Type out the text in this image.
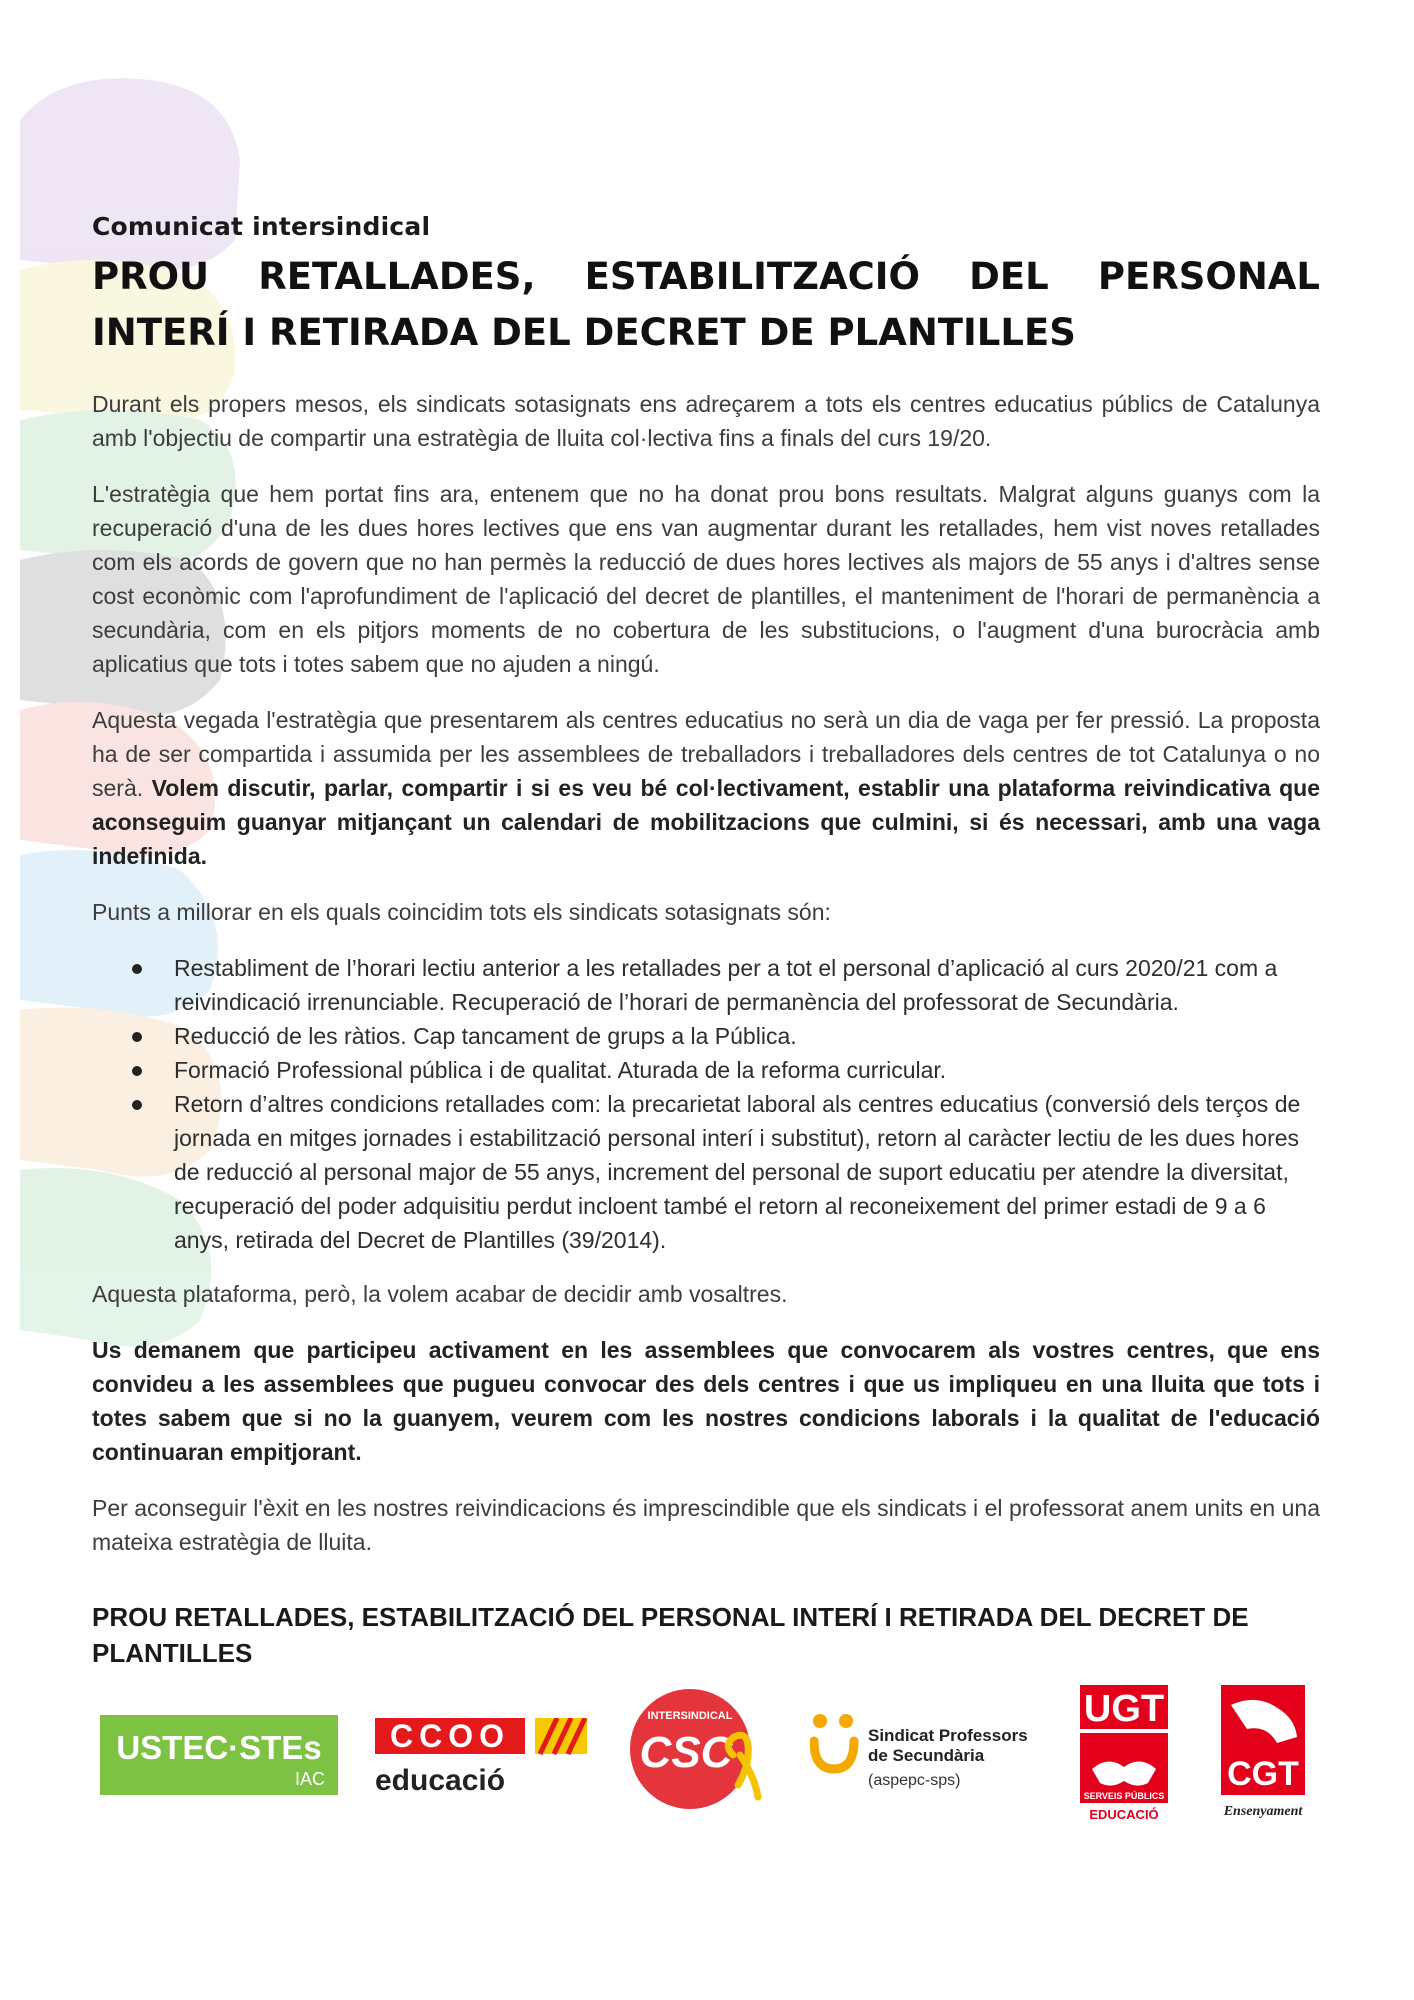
Comunicat intersindical
PROU RETALLADES, ESTABILITZACIÓ DEL PERSONAL INTERÍ I RETIRADA DEL DECRET DE PLANTILLES

Durant els propers mesos, els sindicats sotasignats ens adreçarem a tots els centres educatius públics de Catalunya amb l'objectiu de compartir una estratègia de lluita col·lectiva fins a finals del curs 19/20.

L'estratègia que hem portat fins ara, entenem que no ha donat prou bons resultats. Malgrat alguns guanys com la recuperació d'una de les dues hores lectives que ens van augmentar durant les retallades, hem vist noves retallades com els acords de govern que no han permès la reducció de dues hores lectives als majors de 55 anys i d'altres sense cost econòmic com l'aprofundiment de l'aplicació del decret de plantilles, el manteniment de l'horari de permanència a secundària, com en els pitjors moments de no cobertura de les substitucions, o l'augment d'una burocràcia amb aplicatius que tots i totes sabem que no ajuden a ningú.

Aquesta vegada l'estratègia que presentarem als centres educatius no serà un dia de vaga per fer pressió. La proposta ha de ser compartida i assumida per les assemblees de treballadors i treballadores dels centres de tot Catalunya o no serà. Volem discutir, parlar, compartir i si es veu bé col·lectivament, establir una plataforma reivindicativa que aconseguim guanyar mitjançant un calendari de mobilitzacions que culmini, si és necessari, amb una vaga indefinida.

Punts a millorar en els quals coincidim tots els sindicats sotasignats són:

Restabliment de l’horari lectiu anterior a les retallades per a tot el personal d’aplicació al curs 2020/21 com a reivindicació irrenunciable. Recuperació de l’horari de permanència del professorat de Secundària.
Reducció de les ràtios. Cap tancament de grups a la Pública.
Formació Professional pública i de qualitat. Aturada de la reforma curricular.
Retorn d’altres condicions retallades com: la precarietat laboral als centres educatius (conversió dels terços de jornada en mitges jornades i estabilització personal interí i substitut), retorn al caràcter lectiu de les dues hores de reducció al personal major de 55 anys, increment del personal de suport educatiu per atendre la diversitat, recuperació del poder adquisitiu perdut incloent també el retorn al reconeixement del primer estadi de 9 a 6 anys, retirada del Decret de Plantilles (39/2014).

Aquesta plataforma, però, la volem acabar de decidir amb vosaltres.

Us demanem que participeu activament en les assemblees que convocarem als vostres centres, que ens convideu a les assemblees que pugueu convocar des dels centres i que us impliqueu en una lluita que tots i totes sabem que si no la guanyem, veurem com les nostres condicions laborals i la qualitat de l'educació continuaran empitjorant.

Per aconseguir l'èxit en les nostres reivindicacions és imprescindible que els sindicats i el professorat anem units en una mateixa estratègia de lluita.

PROU RETALLADES, ESTABILITZACIÓ DEL PERSONAL INTERÍ I RETIRADA DEL DECRET DE PLANTILLES
USTEC·STEs
IAC
CCOO
educació
INTERSINDICAL
CSC	Sindicat Professors
de Secundària
(aspepc-sps)
UGT
SERVEIS PÚBLICS
EDUCACIÓ
CGT
Ensenyament
